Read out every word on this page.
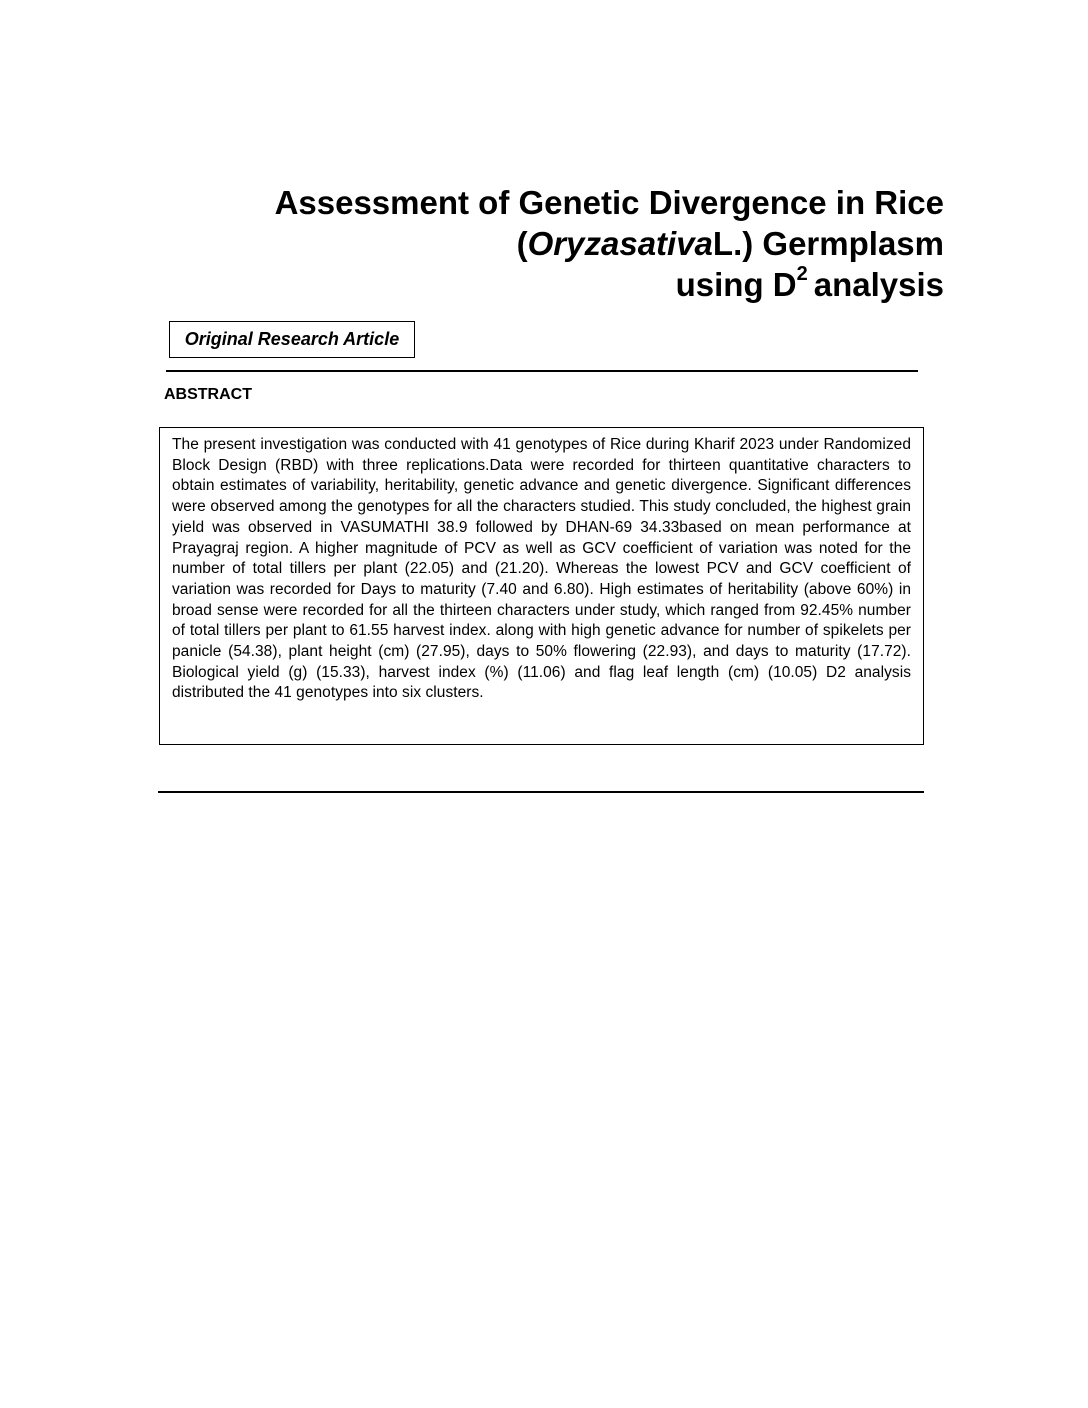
Assessment of Genetic Divergence in Rice
(OryzasativaL.) Germplasm
using $D^2$ analysis
Original Research Article
ABSTRACT

The present investigation was conducted with 41 genotypes of Rice during Kharif 2023 under Randomized Block Design (RBD) with three replications.Data were recorded for thirteen quantitative characters to obtain estimates of variability, heritability, genetic advance and genetic divergence. Significant differences were observed among the genotypes for all the characters studied. This study concluded, the highest grain yield was observed in VASUMATHI 38.9 followed by DHAN-69 34.33based on mean performance at Prayagraj region. A higher magnitude of PCV as well as GCV coefficient of variation was noted for the number of total tillers per plant (22.05) and (21.20). Whereas the lowest PCV and GCV coefficient of variation was recorded for Days to maturity (7.40 and 6.80). High estimates of heritability (above 60%) in broad sense were recorded for all the thirteen characters under study, which ranged from 92.45% number of total tillers per plant to 61.55 harvest index. along with high genetic advance for number of spikelets per panicle (54.38), plant height (cm) (27.95), days to 50% flowering (22.93), and days to maturity (17.72). Biological yield (g) (15.33), harvest index (%) (11.06) and flag leaf length (cm) (10.05) D2 analysis distributed the 41 genotypes into six clusters.
